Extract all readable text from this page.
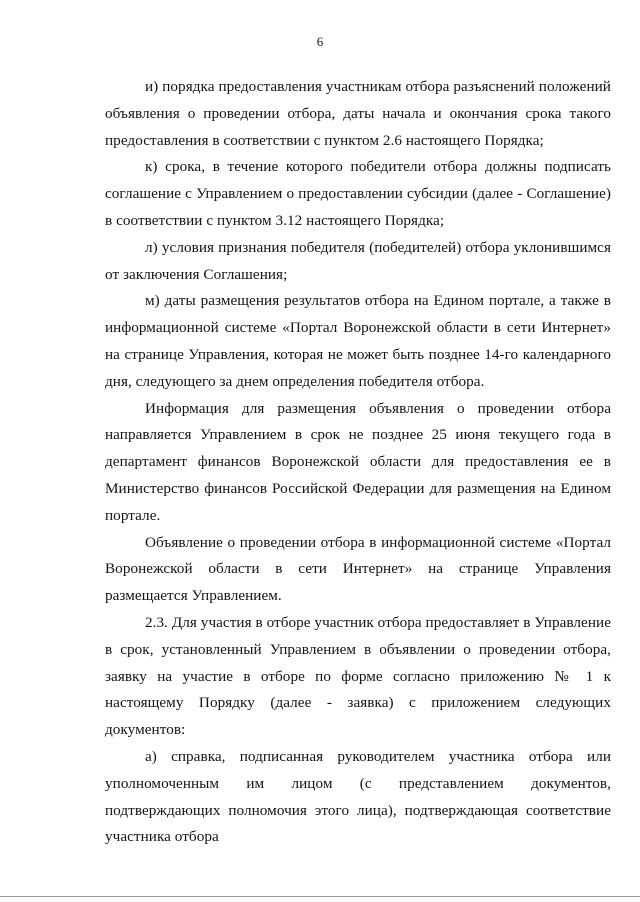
6

и) порядка предоставления участникам отбора разъяснений положений объявления о проведении отбора, даты начала и окончания срока такого предоставления в соответствии с пунктом 2.6 настоящего Порядка;

к) срока, в течение которого победители отбора должны подписать соглашение с Управлением о предоставлении субсидии (далее - Соглашение) в соответствии с пунктом 3.12 настоящего Порядка;

л) условия признания победителя (победителей) отбора уклонившимся от заключения Соглашения;

м) даты размещения результатов отбора на Едином портале, а также в информационной системе «Портал Воронежской области в сети Интернет» на странице Управления, которая не может быть позднее 14-го календарного дня, следующего за днем определения победителя отбора.

Информация для размещения объявления о проведении отбора направляется Управлением в срок не позднее 25 июня текущего года в департамент финансов Воронежской области для предоставления ее в Министерство финансов Российской Федерации для размещения на Едином портале.

Объявление о проведении отбора в информационной системе «Портал Воронежской области в сети Интернет» на странице Управления размещается Управлением.

2.3. Для участия в отборе участник отбора предоставляет в Управление в срок, установленный Управлением в объявлении о проведении отбора, заявку на участие в отборе по форме согласно приложению № 1 к настоящему Порядку (далее - заявка) с приложением следующих документов:

а) справка, подписанная руководителем участника отбора или уполномоченным им лицом (с представлением документов, подтверждающих полномочия этого лица), подтверждающая соответствие участника отбора
